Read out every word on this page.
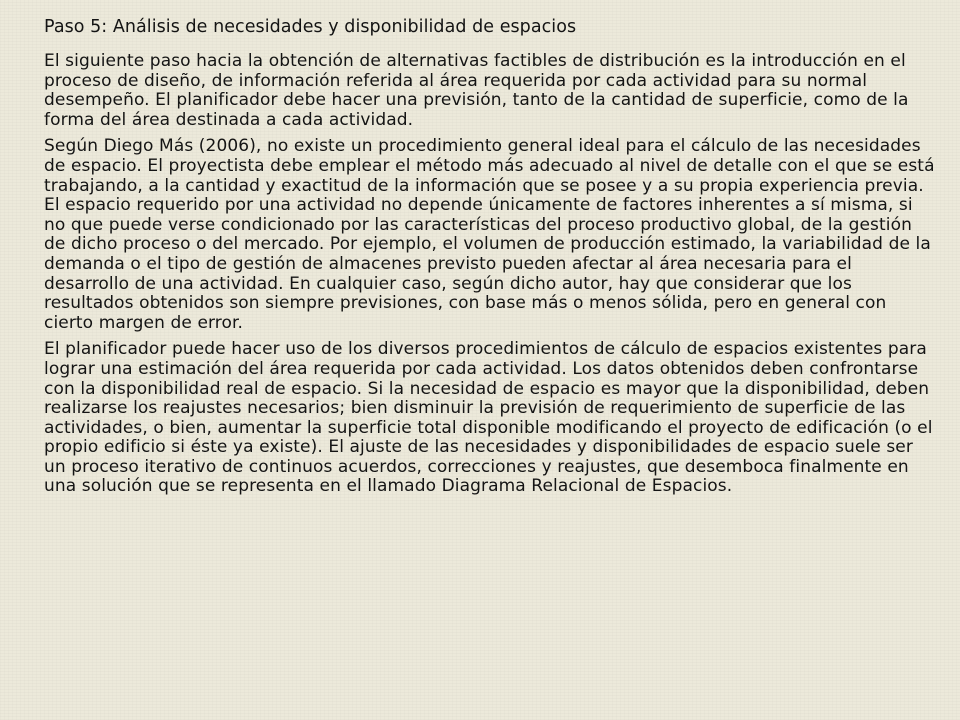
Paso 5: Análisis de necesidades y disponibilidad de espacios

El siguiente paso hacia la obtención de alternativas factibles de distribución es la introducción en el proceso de diseño, de información referida al área requerida por cada actividad para su normal desempeño. El planificador debe hacer una previsión, tanto de la cantidad de superficie, como de la forma del área destinada a cada actividad.

Según Diego Más (2006), no existe un procedimiento general ideal para el cálculo de las necesidades de espacio. El proyectista debe emplear el método más adecuado al nivel de detalle con el que se está trabajando, a la cantidad y exactitud de la información que se posee y a su propia experiencia previa. El espacio requerido por una actividad no depende únicamente de factores inherentes a sí misma, si no que puede verse condicionado por las características del proceso productivo global, de la gestión de dicho proceso o del mercado. Por ejemplo, el volumen de producción estimado, la variabilidad de la demanda o el tipo de gestión de almacenes previsto pueden afectar al área necesaria para el desarrollo de una actividad. En cualquier caso, según dicho autor, hay que considerar que los resultados obtenidos son siempre previsiones, con base más o menos sólida, pero en general con cierto margen de error.

El planificador puede hacer uso de los diversos procedimientos de cálculo de espacios existentes para lograr una estimación del área requerida por cada actividad. Los datos obtenidos deben confrontarse con la disponibilidad real de espacio. Si la necesidad de espacio es mayor que la disponibilidad, deben realizarse los reajustes necesarios; bien disminuir la previsión de requerimiento de superficie de las actividades, o bien, aumentar la superficie total disponible modificando el proyecto de edificación (o el propio edificio si éste ya existe). El ajuste de las necesidades y disponibilidades de espacio suele ser un proceso iterativo de continuos acuerdos, correcciones y reajustes, que desemboca finalmente en una solución que se representa en el llamado Diagrama Relacional de Espacios.
